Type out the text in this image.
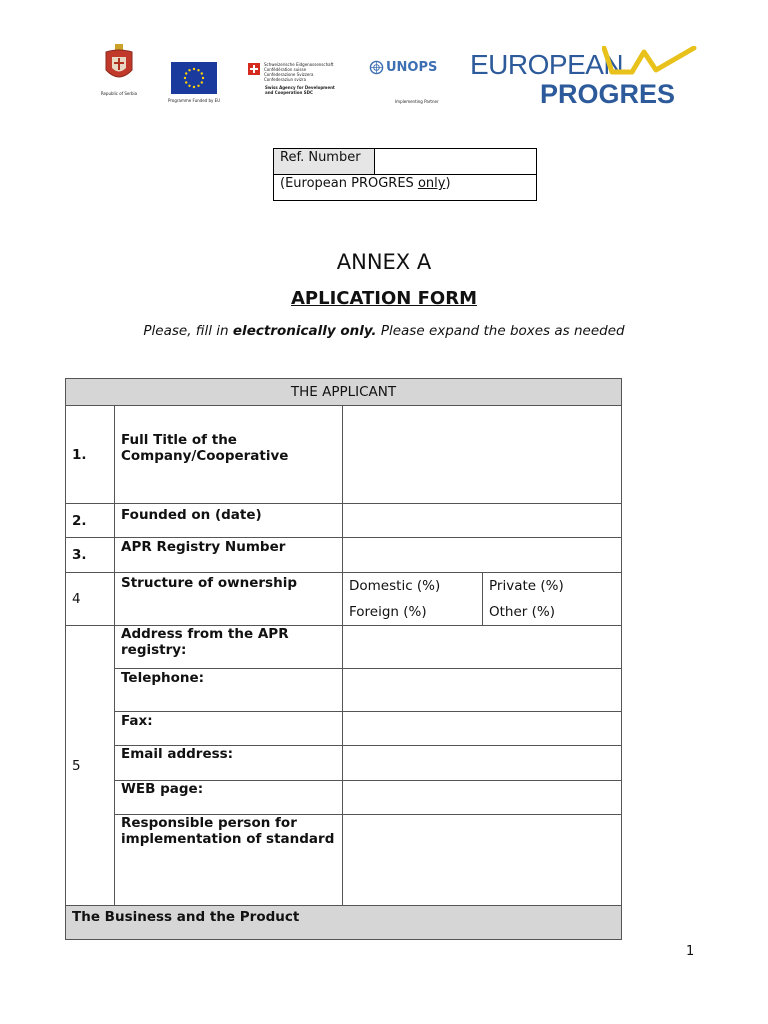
Republic of Serbia
Programme Funded by EU
Schweizerische Eidgenossenschaft
Confédération suisse
Confederazione Svizzera
Confederaziun svizra
Swiss Agency for Development
and Cooperation SDC
UNOPS
Implementing Partner
EUROPEAN
PROGRES
Ref. Number	
(European PROGRES only)
ANNEX A
APLICATION FORM
Please, fill in electronically only. Please expand the boxes as needed
THE APPLICANT		
1.	Full Title of the Company/Cooperative	
2.	Founded on (date)	
3.	APR Registry Number	
4	Structure of ownership	Domestic (%) Private (%)
Foreign (%) Other (%)

5	Address from the APR registry:	
	Telephone:	
	Fax:	
	Email address:	
	WEB page:	
	Responsible person for implementation of standard	
The Business and the Product		
1
